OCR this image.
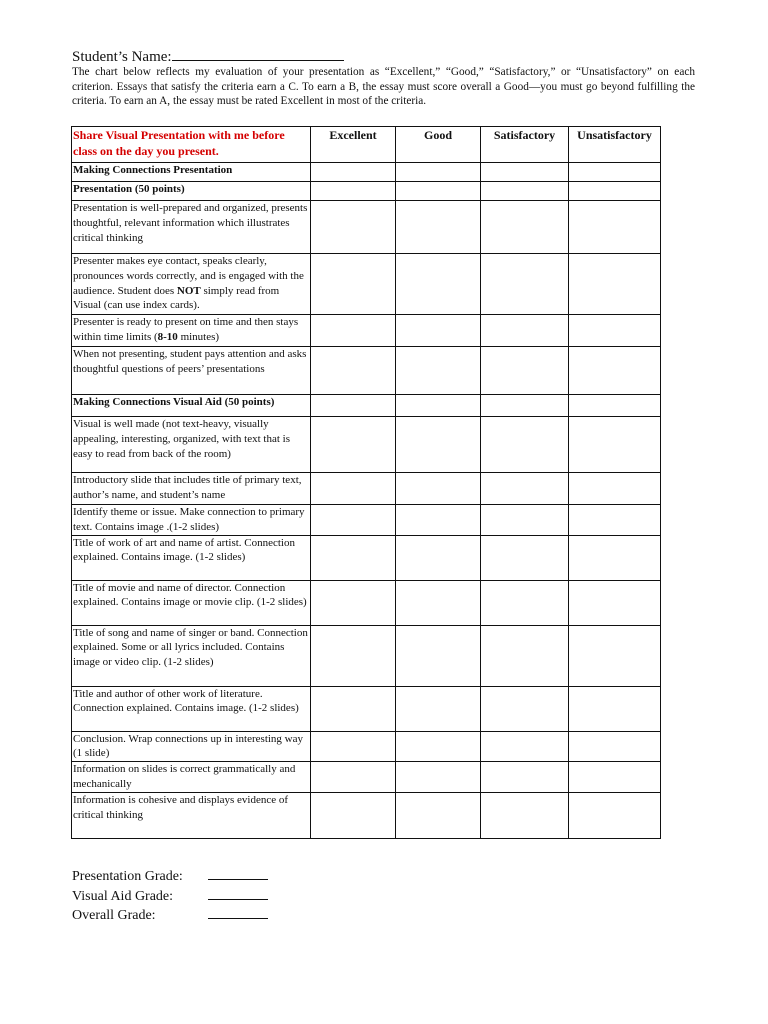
Student’s Name:
The chart below reflects my evaluation of your presentation as “Excellent,” “Good,” “Satisfactory,” or “Unsatisfactory” on each criterion. Essays that satisfy the criteria earn a C. To earn a B, the essay must score overall a Good—you must go beyond fulfilling the criteria. To earn an A, the essay must be rated Excellent in most of the criteria.
Share Visual Presentation with me before class on the day you present.	Excellent	Good	Satisfactory	Unsatisfactory
Making Connections Presentation				
Presentation (50 points)				
Presentation is well-prepared and organized, presents thoughtful, relevant information which illustrates critical thinking				
Presenter makes eye contact, speaks clearly, pronounces words correctly, and is engaged with the audience. Student does NOT simply read from Visual (can use index cards).				
Presenter is ready to present on time and then stays within time limits (8-10 minutes)				
When not presenting, student pays attention and asks thoughtful questions of peers’ presentations				
Making Connections Visual Aid (50 points)				
Visual is well made (not text-heavy, visually appealing, interesting, organized, with text that is easy to read from back of the room)				
Introductory slide that includes title of primary text, author’s name, and student’s name				
Identify theme or issue. Make connection to primary text. Contains image .(1-2 slides)				
Title of work of art and name of artist. Connection explained. Contains image. (1-2 slides)				
Title of movie and name of director. Connection explained. Contains image or movie clip. (1-2 slides)				
Title of song and name of singer or band. Connection explained. Some or all lyrics included. Contains image or video clip. (1-2 slides)				
Title and author of other work of literature. Connection explained. Contains image. (1-2 slides)				
Conclusion. Wrap connections up in interesting way (1 slide)				
Information on slides is correct grammatically and mechanically				
Information is cohesive and displays evidence of critical thinking				
Presentation Grade:
Visual Aid Grade:
Overall Grade:
